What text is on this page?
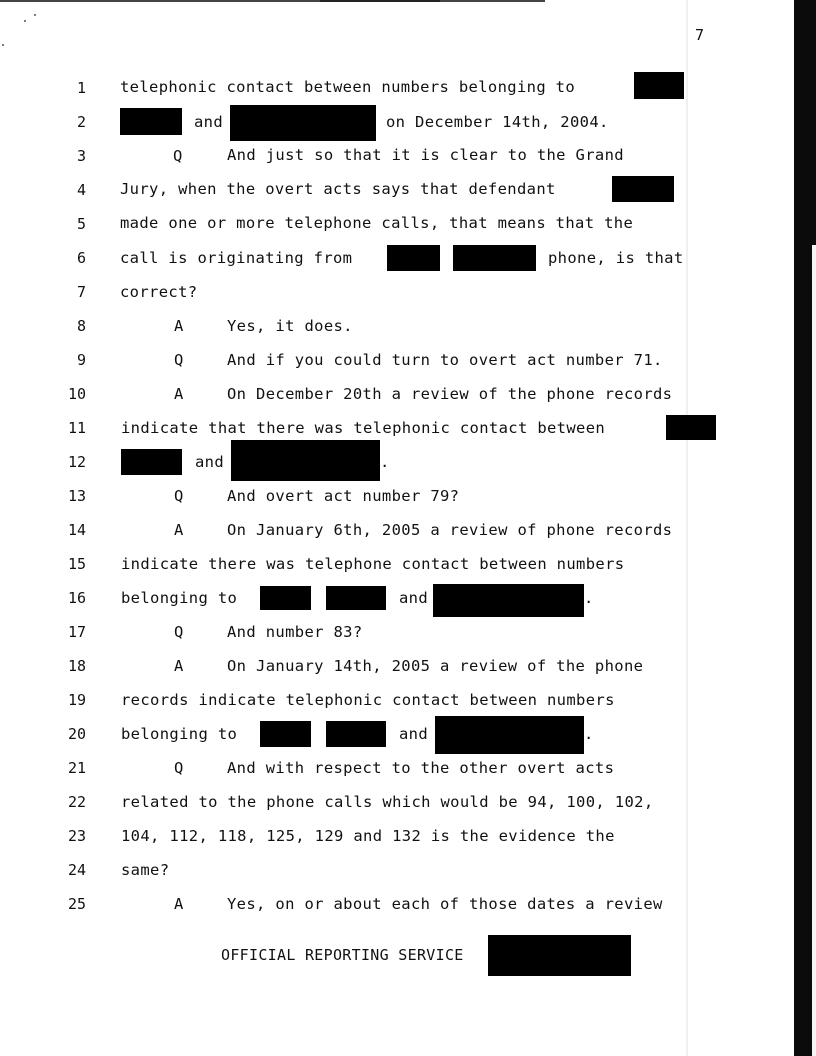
7
1
2
3
4
5
6
7
8
9
10
11
12
13
14
15
16
17
18
19
20
21
22
23
24
25
telephonic contact between numbers belonging to
and	on December 14th, 2004.
Q	And just so that it is clear to the Grand
Jury, when the overt acts says that defendant
made one or more telephone calls, that means that the
call is originating from	phone, is that
correct?
A	Yes, it does.
Q	And if you could turn to overt act number 71.
A	On December 20th a review of the phone records
indicate that there was telephonic contact between
and	.
Q	And overt act number 79?
A	On January 6th, 2005 a review of phone records
indicate there was telephone contact between numbers
belonging to	and	.
Q	And number 83?
A	On January 14th, 2005 a review of the phone
records indicate telephonic contact between numbers
belonging to	and	.
Q	And with respect to the other overt acts
related to the phone calls which would be 94, 100, 102,
104, 112, 118, 125, 129 and 132 is the evidence the
same?
A	Yes, on or about each of those dates a review
OFFICIAL REPORTING SERVICE
